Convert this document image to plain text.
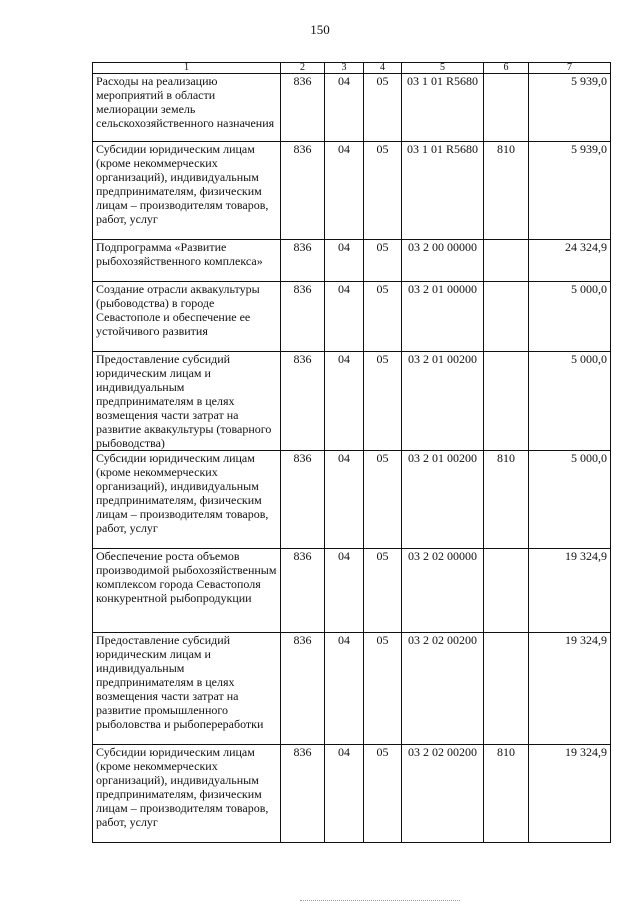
150
1	2	3	4	5	6	7
Расходы на реализацию мероприятий в области мелиорации земель сельскохозяйственного назначения	836	04	05	03 1 01 R5680		5 939,0
Субсидии юридическим лицам (кроме некоммерческих организаций), индивидуальным предпринимателям, физическим лицам – производителям товаров, работ, услуг	836	04	05	03 1 01 R5680	810	5 939,0
Подпрограмма «Развитие рыбохозяйственного комплекса»	836	04	05	03 2 00 00000		24 324,9
Создание отрасли аквакультуры (рыбоводства) в городе Севастополе и обеспечение ее устойчивого развития	836	04	05	03 2 01 00000		5 000,0
Предоставление субсидий юридическим лицам и индивидуальным предпринимателям в целях возмещения части затрат на развитие аквакультуры (товарного рыбоводства)	836	04	05	03 2 01 00200		5 000,0
Субсидии юридическим лицам (кроме некоммерческих организаций), индивидуальным предпринимателям, физическим лицам – производителям товаров, работ, услуг	836	04	05	03 2 01 00200	810	5 000,0
Обеспечение роста объемов производимой рыбохозяйственным комплексом города Севастополя конкурентной рыбопродукции	836	04	05	03 2 02 00000		19 324,9
Предоставление субсидий юридическим лицам и индивидуальным предпринимателям в целях возмещения части затрат на развитие промышленного рыболовства и рыбопереработки	836	04	05	03 2 02 00200		19 324,9
Субсидии юридическим лицам (кроме некоммерческих организаций), индивидуальным предпринимателям, физическим лицам – производителям товаров, работ, услуг	836	04	05	03 2 02 00200	810	19 324,9
